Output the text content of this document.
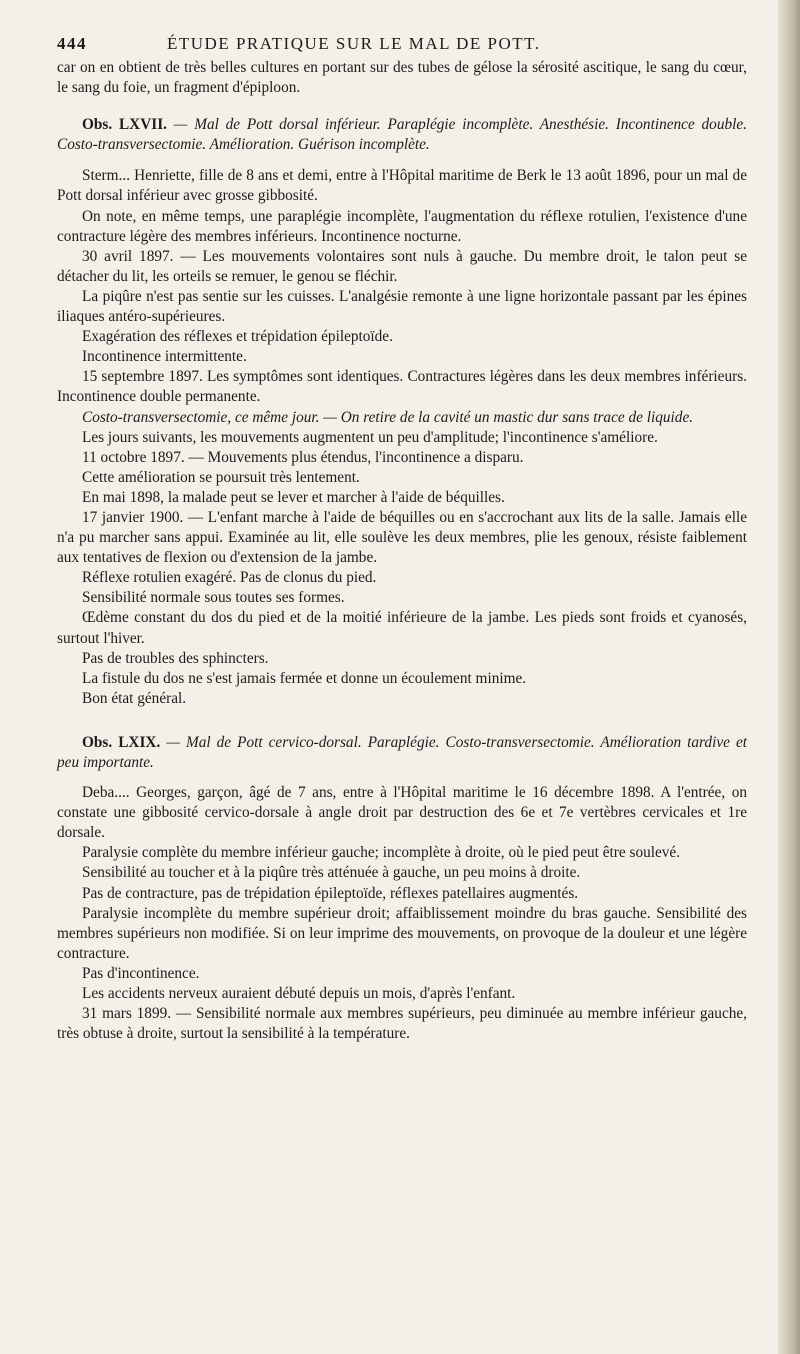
444	ÉTUDE PRATIQUE SUR LE MAL DE POTT.

car on en obtient de très belles cultures en portant sur des tubes de gélose la sérosité ascitique, le sang du cœur, le sang du foie, un fragment d'épiploon.

Obs. LXVII. — Mal de Pott dorsal inférieur. Paraplégie incomplète. Anesthésie. Incontinence double. Costo-transversectomie. Amélioration. Guérison incomplète.

Sterm... Henriette, fille de 8 ans et demi, entre à l'Hôpital maritime de Berk le 13 août 1896, pour un mal de Pott dorsal inférieur avec grosse gibbosité.

On note, en même temps, une paraplégie incomplète, l'augmentation du réflexe rotulien, l'existence d'une contracture légère des membres inférieurs. Incontinence nocturne.

30 avril 1897. — Les mouvements volontaires sont nuls à gauche. Du membre droit, le talon peut se détacher du lit, les orteils se remuer, le genou se fléchir.

La piqûre n'est pas sentie sur les cuisses. L'analgésie remonte à une ligne horizontale passant par les épines iliaques antéro-supérieures.

Exagération des réflexes et trépidation épileptoïde.

Incontinence intermittente.

15 septembre 1897. Les symptômes sont identiques. Contractures légères dans les deux membres inférieurs. Incontinence double permanente.

Costo-transversectomie, ce même jour. — On retire de la cavité un mastic dur sans trace de liquide.

Les jours suivants, les mouvements augmentent un peu d'amplitude; l'incontinence s'améliore.

11 octobre 1897. — Mouvements plus étendus, l'incontinence a disparu.

Cette amélioration se poursuit très lentement.

En mai 1898, la malade peut se lever et marcher à l'aide de béquilles.

17 janvier 1900. — L'enfant marche à l'aide de béquilles ou en s'accrochant aux lits de la salle. Jamais elle n'a pu marcher sans appui. Examinée au lit, elle soulève les deux membres, plie les genoux, résiste faiblement aux tentatives de flexion ou d'extension de la jambe.

Réflexe rotulien exagéré. Pas de clonus du pied.

Sensibilité normale sous toutes ses formes.

Œdème constant du dos du pied et de la moitié inférieure de la jambe. Les pieds sont froids et cyanosés, surtout l'hiver.

Pas de troubles des sphincters.

La fistule du dos ne s'est jamais fermée et donne un écoulement minime.

Bon état général.

Obs. LXIX. — Mal de Pott cervico-dorsal. Paraplégie. Costo-transversectomie. Amélioration tardive et peu importante.

Deba.... Georges, garçon, âgé de 7 ans, entre à l'Hôpital maritime le 16 décembre 1898. A l'entrée, on constate une gibbosité cervico-dorsale à angle droit par destruction des 6e et 7e vertèbres cervicales et 1re dorsale.

Paralysie complète du membre inférieur gauche; incomplète à droite, où le pied peut être soulevé.

Sensibilité au toucher et à la piqûre très atténuée à gauche, un peu moins à droite.

Pas de contracture, pas de trépidation épileptoïde, réflexes patellaires augmentés.

Paralysie incomplète du membre supérieur droit; affaiblissement moindre du bras gauche. Sensibilité des membres supérieurs non modifiée. Si on leur imprime des mouvements, on provoque de la douleur et une légère contracture.

Pas d'incontinence.

Les accidents nerveux auraient débuté depuis un mois, d'après l'enfant.

31 mars 1899. — Sensibilité normale aux membres supérieurs, peu diminuée au membre inférieur gauche, très obtuse à droite, surtout la sensibilité à la température.
